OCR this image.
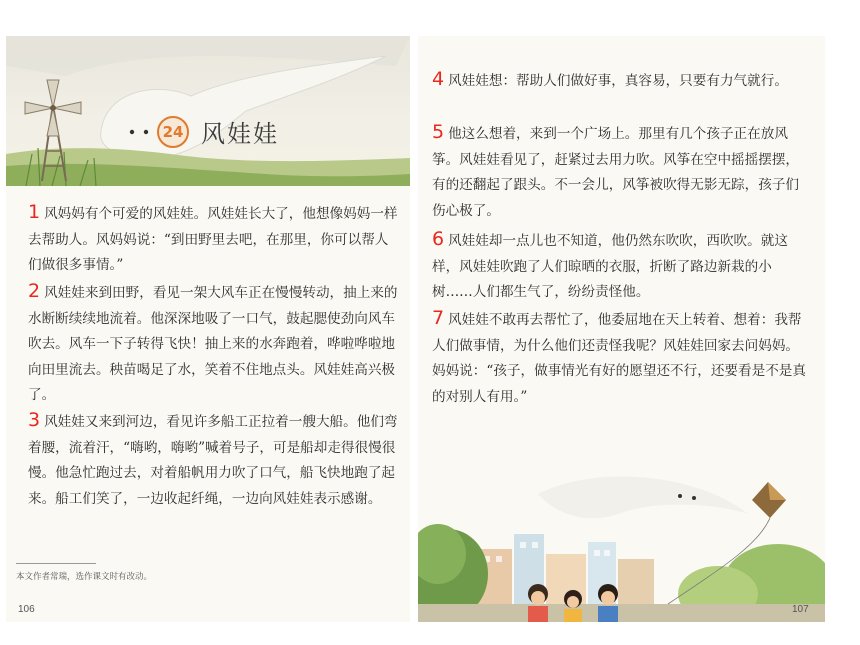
24 风娃娃

1 风妈妈有个可爱的风娃娃。风娃娃长大了，他想像妈妈一样去帮助人。风妈妈说：“到田野里去吧，在那里，你可以帮人们做很多事情。”

2 风娃娃来到田野，看见一架大风车正在慢慢转动，抽上来的水断断续续地流着。他深深地吸了一口气，鼓起腮使劲向风车吹去。风车一下子转得飞快！抽上来的水奔跑着，哗啦哗啦地向田里流去。秧苗喝足了水，笑着不住地点头。风娃娃高兴极了。

3 风娃娃又来到河边，看见许多船工正拉着一艘大船。他们弯着腰，流着汗，“嗨哟，嗨哟”喊着号子，可是船却走得很慢很慢。他急忙跑过去，对着船帆用力吹了口气，船飞快地跑了起来。船工们笑了，一边收起纤绳，一边向风娃娃表示感谢。

本文作者常瑞，选作课文时有改动。
106

4 风娃娃想：帮助人们做好事，真容易，只要有力气就行。

5 他这么想着，来到一个广场上。那里有几个孩子正在放风筝。风娃娃看见了，赶紧过去用力吹。风筝在空中摇摇摆摆，有的还翻起了跟头。不一会儿，风筝被吹得无影无踪，孩子们伤心极了。

6 风娃娃却一点儿也不知道，他仍然东吹吹，西吹吹。就这样，风娃娃吹跑了人们晾晒的衣服，折断了路边新栽的小树……人们都生气了，纷纷责怪他。

7 风娃娃不敢再去帮忙了，他委屈地在天上转着、想着：我帮人们做事情，为什么他们还责怪我呢？风娃娃回家去问妈妈。妈妈说：“孩子，做事情光有好的愿望还不行，还要看是不是真的对别人有用。”

107
